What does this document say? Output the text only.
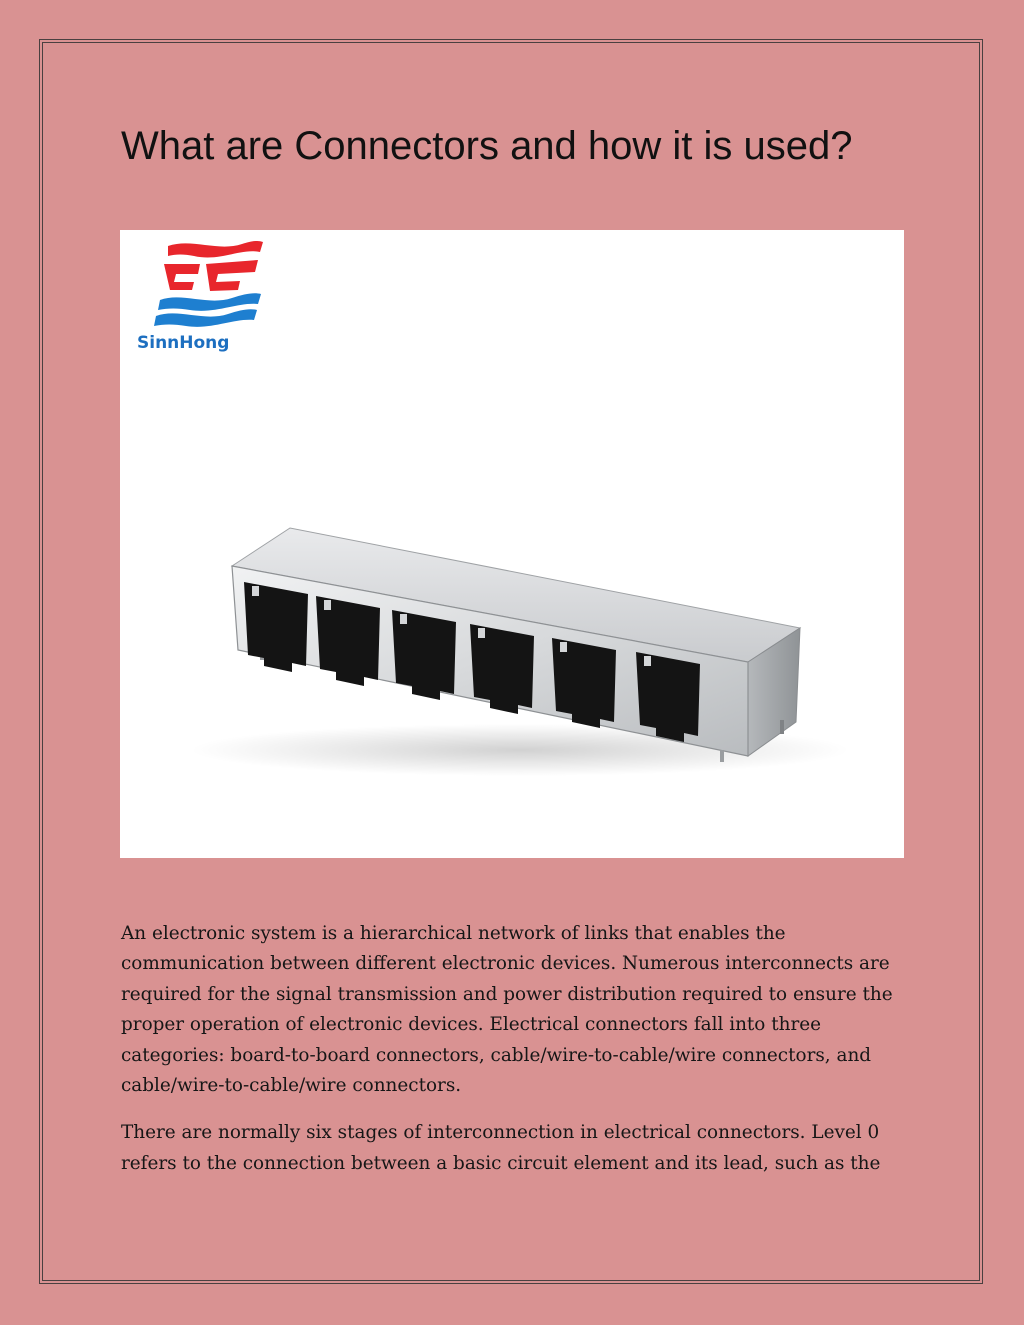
What are Connectors and how it is used?
SinnHong

An electronic system is a hierarchical network of links that enables the communication between different electronic devices. Numerous interconnects are required for the signal transmission and power distribution required to ensure the proper operation of electronic devices. Electrical connectors fall into three categories: board-to-board connectors, cable/wire-to-cable/wire connectors, and cable/wire-to-cable/wire connectors.

There are normally six stages of interconnection in electrical connectors. Level 0 refers to the connection between a basic circuit element and its lead, such as the
